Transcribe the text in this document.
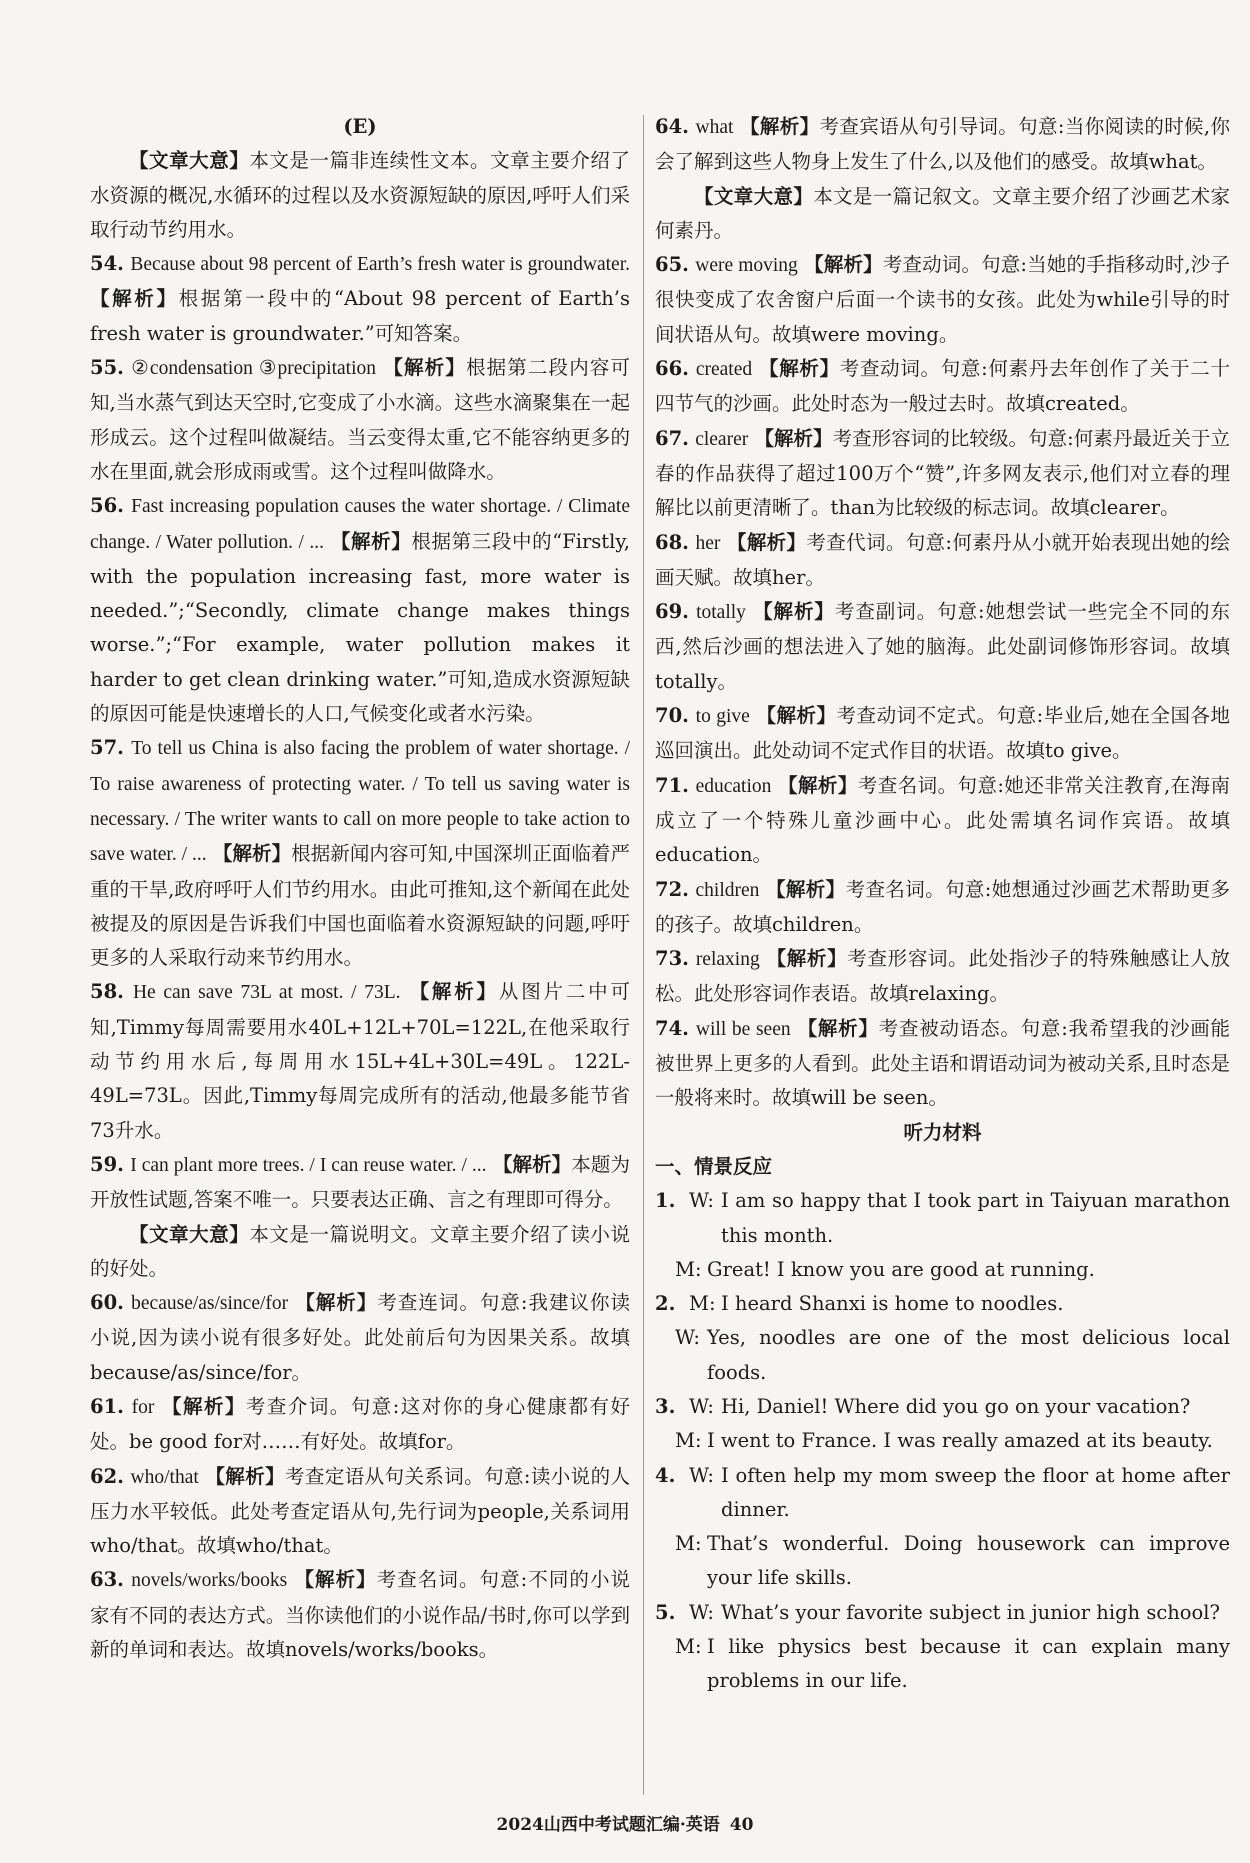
(E)
【文章大意】本文是一篇非连续性文本。文章主要介绍了水资源的概况,水循环的过程以及水资源短缺的原因,呼吁人们采取行动节约用水。
54. Because about 98 percent of Earth’s fresh water is groundwater. 【解析】根据第一段中的“About 98 percent of Earth’s fresh water is groundwater.”可知答案。
55. ②condensation ③precipitation 【解析】根据第二段内容可知,当水蒸气到达天空时,它变成了小水滴。这些水滴聚集在一起形成云。这个过程叫做凝结。当云变得太重,它不能容纳更多的水在里面,就会形成雨或雪。这个过程叫做降水。
56. Fast increasing population causes the water shortage. / Climate change. / Water pollution. / ... 【解析】根据第三段中的“Firstly, with the population increasing fast, more water is needed.”;“Secondly, climate change makes things worse.”;“For example, water pollution makes it harder to get clean drinking water.”可知,造成水资源短缺的原因可能是快速增长的人口,气候变化或者水污染。
57. To tell us China is also facing the problem of water shortage. / To raise awareness of protecting water. / To tell us saving water is necessary. / The writer wants to call on more people to take action to save water. / ... 【解析】根据新闻内容可知,中国深圳正面临着严重的干旱,政府呼吁人们节约用水。由此可推知,这个新闻在此处被提及的原因是告诉我们中国也面临着水资源短缺的问题,呼吁更多的人采取行动来节约用水。
58. He can save 73L at most. / 73L. 【解析】从图片二中可知,Timmy每周需要用水40L+12L+70L=122L,在他采取行动节约用水后,每周用水15L+4L+30L=49L。122L-49L=73L。因此,Timmy每周完成所有的活动,他最多能节省73升水。
59. I can plant more trees. / I can reuse water. / ... 【解析】本题为开放性试题,答案不唯一。只要表达正确、言之有理即可得分。
【文章大意】本文是一篇说明文。文章主要介绍了读小说的好处。
60. because/as/since/for 【解析】考查连词。句意:我建议你读小说,因为读小说有很多好处。此处前后句为因果关系。故填because/as/since/for。
61. for 【解析】考查介词。句意:这对你的身心健康都有好处。be good for对……有好处。故填for。
62. who/that 【解析】考查定语从句关系词。句意:读小说的人压力水平较低。此处考查定语从句,先行词为people,关系词用who/that。故填who/that。
63. novels/works/books 【解析】考查名词。句意:不同的小说家有不同的表达方式。当你读他们的小说作品/书时,你可以学到新的单词和表达。故填novels/works/books。
64. what 【解析】考查宾语从句引导词。句意:当你阅读的时候,你会了解到这些人物身上发生了什么,以及他们的感受。故填what。
【文章大意】本文是一篇记叙文。文章主要介绍了沙画艺术家何素丹。
65. were moving 【解析】考查动词。句意:当她的手指移动时,沙子很快变成了农舍窗户后面一个读书的女孩。此处为while引导的时间状语从句。故填were moving。
66. created 【解析】考查动词。句意:何素丹去年创作了关于二十四节气的沙画。此处时态为一般过去时。故填created。
67. clearer 【解析】考查形容词的比较级。句意:何素丹最近关于立春的作品获得了超过100万个“赞”,许多网友表示,他们对立春的理解比以前更清晰了。than为比较级的标志词。故填clearer。
68. her 【解析】考查代词。句意:何素丹从小就开始表现出她的绘画天赋。故填her。
69. totally 【解析】考查副词。句意:她想尝试一些完全不同的东西,然后沙画的想法进入了她的脑海。此处副词修饰形容词。故填totally。
70. to give 【解析】考查动词不定式。句意:毕业后,她在全国各地巡回演出。此处动词不定式作目的状语。故填to give。
71. education 【解析】考查名词。句意:她还非常关注教育,在海南成立了一个特殊儿童沙画中心。此处需填名词作宾语。故填education。
72. children 【解析】考查名词。句意:她想通过沙画艺术帮助更多的孩子。故填children。
73. relaxing 【解析】考查形容词。此处指沙子的特殊触感让人放松。此处形容词作表语。故填relaxing。
74. will be seen 【解析】考查被动语态。句意:我希望我的沙画能被世界上更多的人看到。此处主语和谓语动词为被动关系,且时态是一般将来时。故填will be seen。
听力材料
一、情景反应
1. W: I am so happy that I took part in Taiyuan marathon this month.
M: Great! I know you are good at running.
2. M: I heard Shanxi is home to noodles.
W: Yes, noodles are one of the most delicious local foods.
3. W: Hi, Daniel! Where did you go on your vacation?
M: I went to France. I was really amazed at its beauty.
4. W: I often help my mom sweep the floor at home after dinner.
M: That’s wonderful. Doing housework can improve your life skills.
5. W: What’s your favorite subject in junior high school?
M: I like physics best because it can explain many problems in our life.
2024山西中考试题汇编·英语 40
